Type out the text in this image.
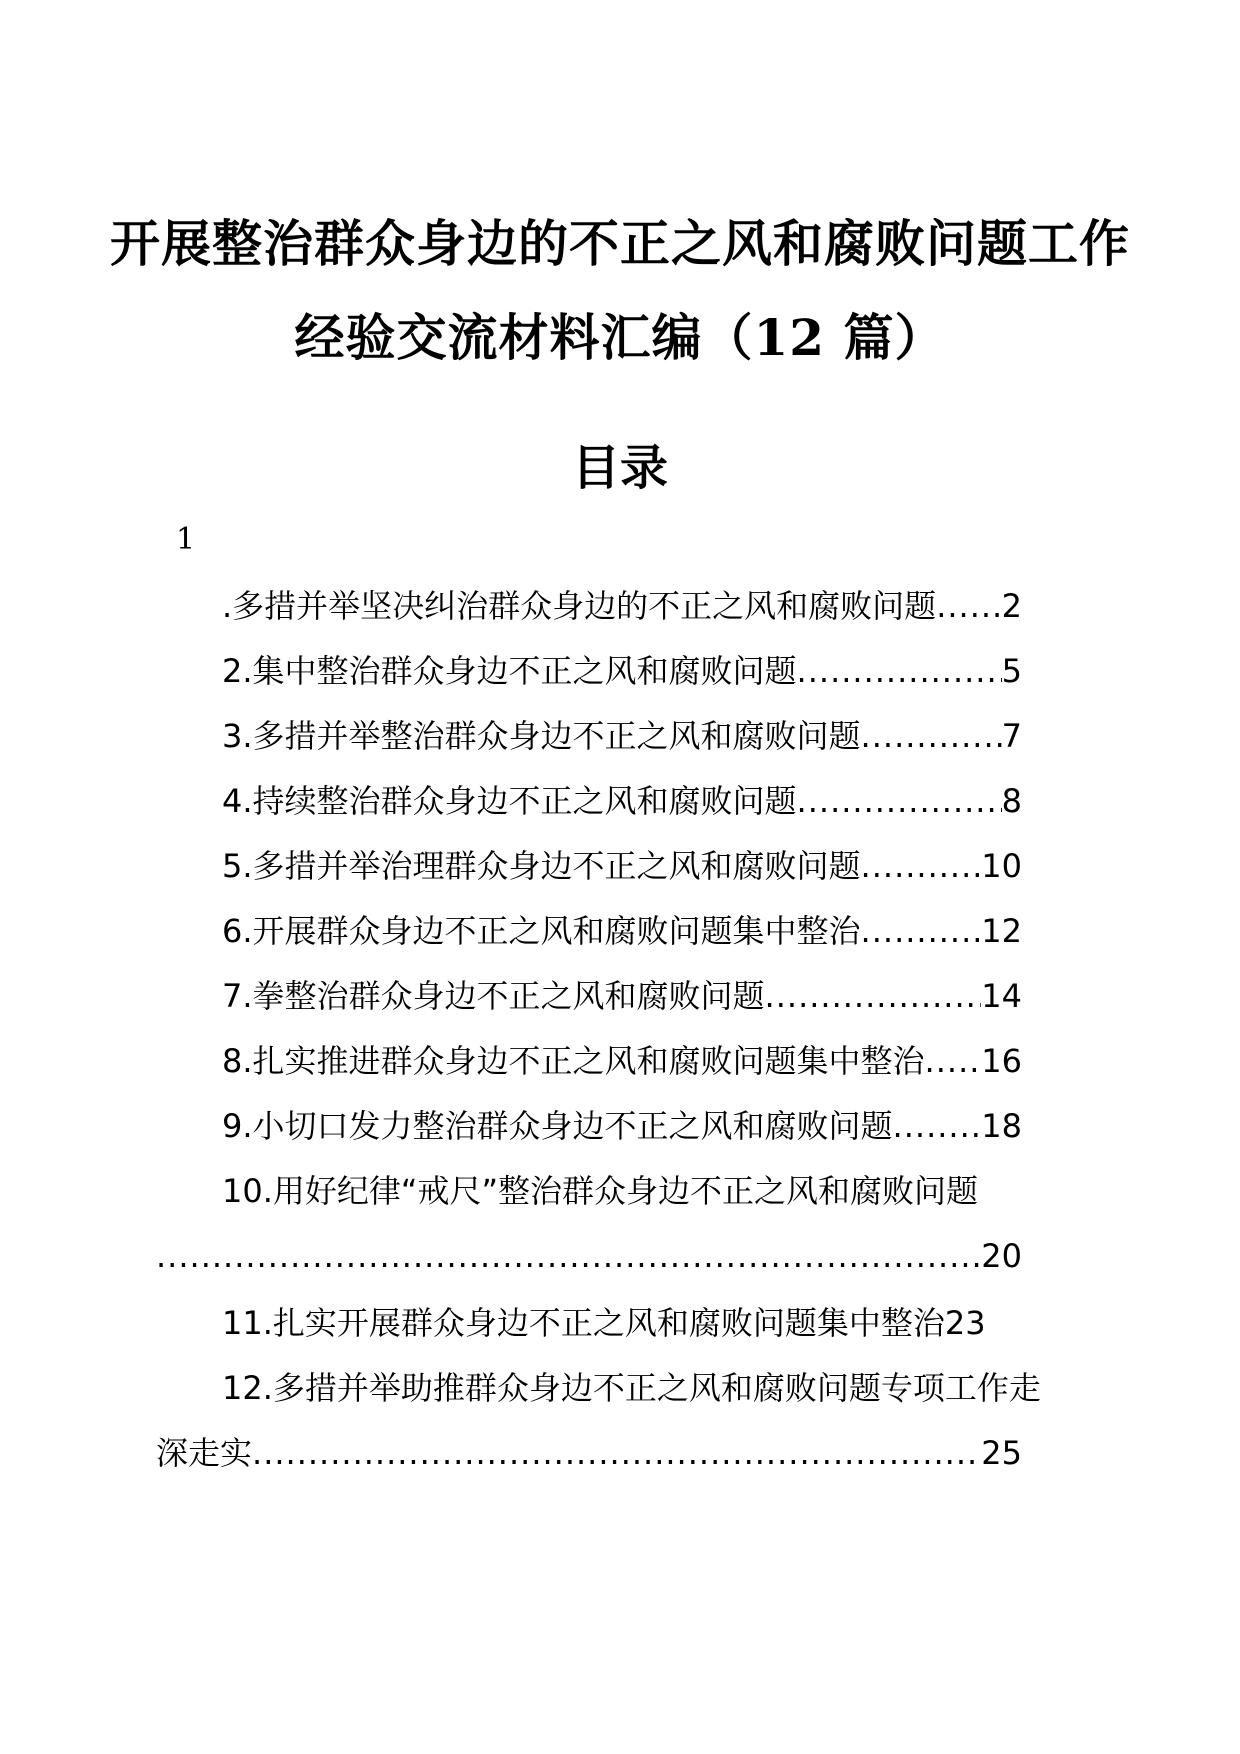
开展整治群众身边的不正之风和腐败问题工作
经验交流材料汇编（12 篇）
目录
1
.多措并举坚决纠治群众身边的不正之风和腐败问题 ..... 2
2.集中整治群众身边不正之风和腐败问题 .....	5
3.多措并举整治群众身边不正之风和腐败问题 .....	7
4.持续整治群众身边不正之风和腐败问题 .....	8
5.多措并举治理群众身边不正之风和腐败问题 .....	10
6.开展群众身边不正之风和腐败问题集中整治 .....	12
7.拳整治群众身边不正之风和腐败问题 .....	14
8.扎实推进群众身边不正之风和腐败问题集中整治 ..... 16
9.小切口发力整治群众身边不正之风和腐败问题 .....	18
10.用好纪律“戒尺”整治群众身边不正之风和腐败问题
.....
20
11.扎实开展群众身边不正之风和腐败问题集中整治23
12.多措并举助推群众身边不正之风和腐败问题专项工作走
深走实 .....	25
